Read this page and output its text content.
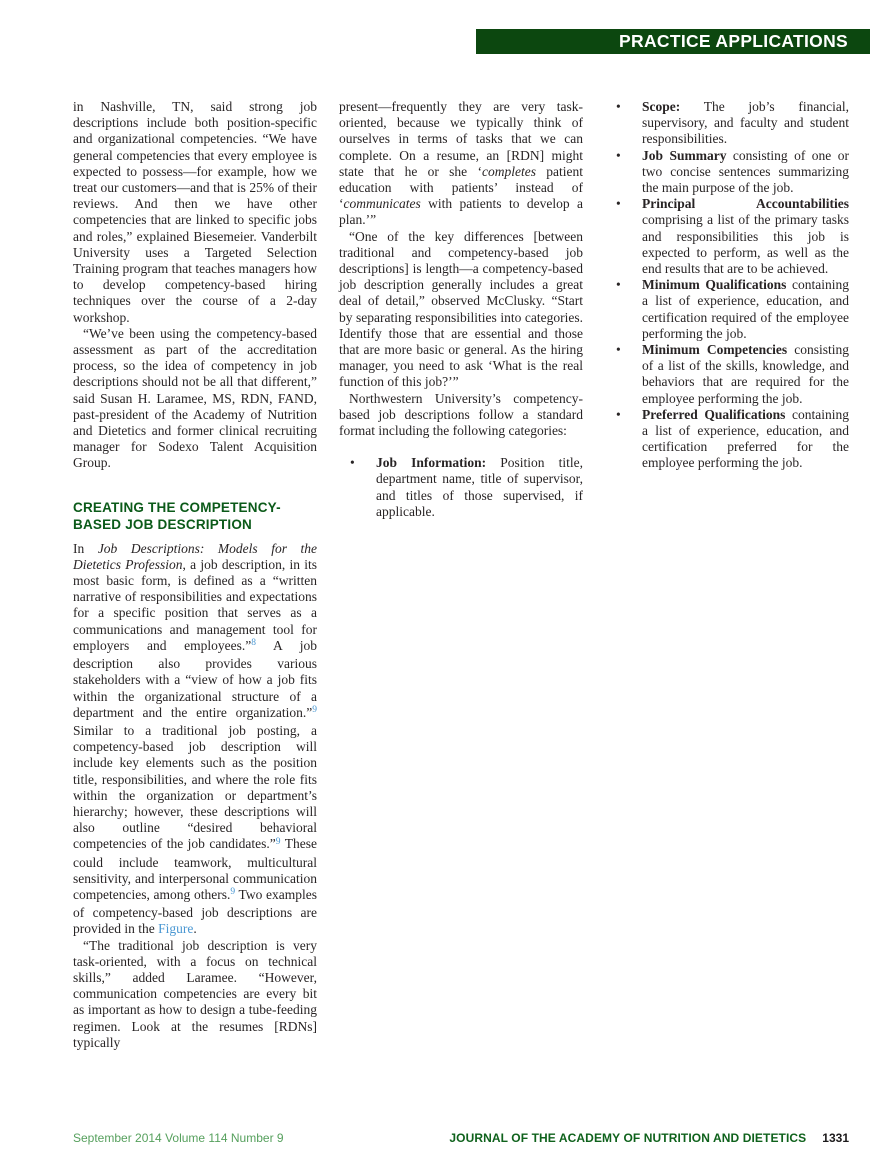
PRACTICE APPLICATIONS

in Nashville, TN, said strong job descriptions include both position-specific and organizational competencies. “We have general competencies that every employee is expected to possess—for example, how we treat our customers—and that is 25% of their reviews. And then we have other competencies that are linked to specific jobs and roles,” explained Biesemeier. Vanderbilt University uses a Targeted Selection Training program that teaches managers how to develop competency-based hiring techniques over the course of a 2-day workshop.

“We’ve been using the competency-based assessment as part of the accreditation process, so the idea of competency in job descriptions should not be all that different,” said Susan H. Laramee, MS, RDN, FAND, past-president of the Academy of Nutrition and Dietetics and former clinical recruiting manager for Sodexo Talent Acquisition Group.

CREATING THE COMPETENCY-BASED JOB DESCRIPTION

In Job Descriptions: Models for the Dietetics Profession, a job description, in its most basic form, is defined as a “written narrative of responsibilities and expectations for a specific position that serves as a communications and management tool for employers and employees.”$^8$ A job description also provides various stakeholders with a “view of how a job fits within the organizational structure of a department and the entire organization.”$^9$ Similar to a traditional job posting, a competency-based job description will include key elements such as the position title, responsibilities, and where the role fits within the organization or department’s hierarchy; however, these descriptions will also outline “desired behavioral competencies of the job candidates.”$^9$ These could include teamwork, multicultural sensitivity, and interpersonal communication competencies, among others.$^9$ Two examples of competency-based job descriptions are provided in the Figure.

“The traditional job description is very task-oriented, with a focus on technical skills,” added Laramee. “However, communication competencies are every bit as important as how to design a tube-feeding regimen. Look at the resumes [RDNs] typically

present—frequently they are very task-oriented, because we typically think of ourselves in terms of tasks that we can complete. On a resume, an [RDN] might state that he or she ‘completes patient education with patients’ instead of ‘communicates with patients to develop a plan.’”

“One of the key differences [between traditional and competency-based job descriptions] is length—a competency-based job description generally includes a great deal of detail,” observed McClusky. “Start by separating responsibilities into categories. Identify those that are essential and those that are more basic or general. As the hiring manager, you need to ask ‘What is the real function of this job?’”

Northwestern University’s competency-based job descriptions follow a standard format including the following categories:

• Job Information: Position title, department name, title of supervisor, and titles of those supervised, if applicable.

• Scope: The job’s financial, supervisory, and faculty and student responsibilities.

• Job Summary consisting of one or two concise sentences summarizing the main purpose of the job.

• Principal Accountabilities comprising a list of the primary tasks and responsibilities this job is expected to perform, as well as the end results that are to be achieved.

• Minimum Qualifications containing a list of experience, education, and certification required of the employee performing the job.

• Minimum Competencies consisting of a list of the skills, knowledge, and behaviors that are required for the employee performing the job.

• Preferred Qualifications containing a list of experience, education, and certification preferred for the employee performing the job.

September 2014 Volume 114 Number 9	JOURNAL OF THE ACADEMY OF NUTRITION AND DIETETICS 1331
